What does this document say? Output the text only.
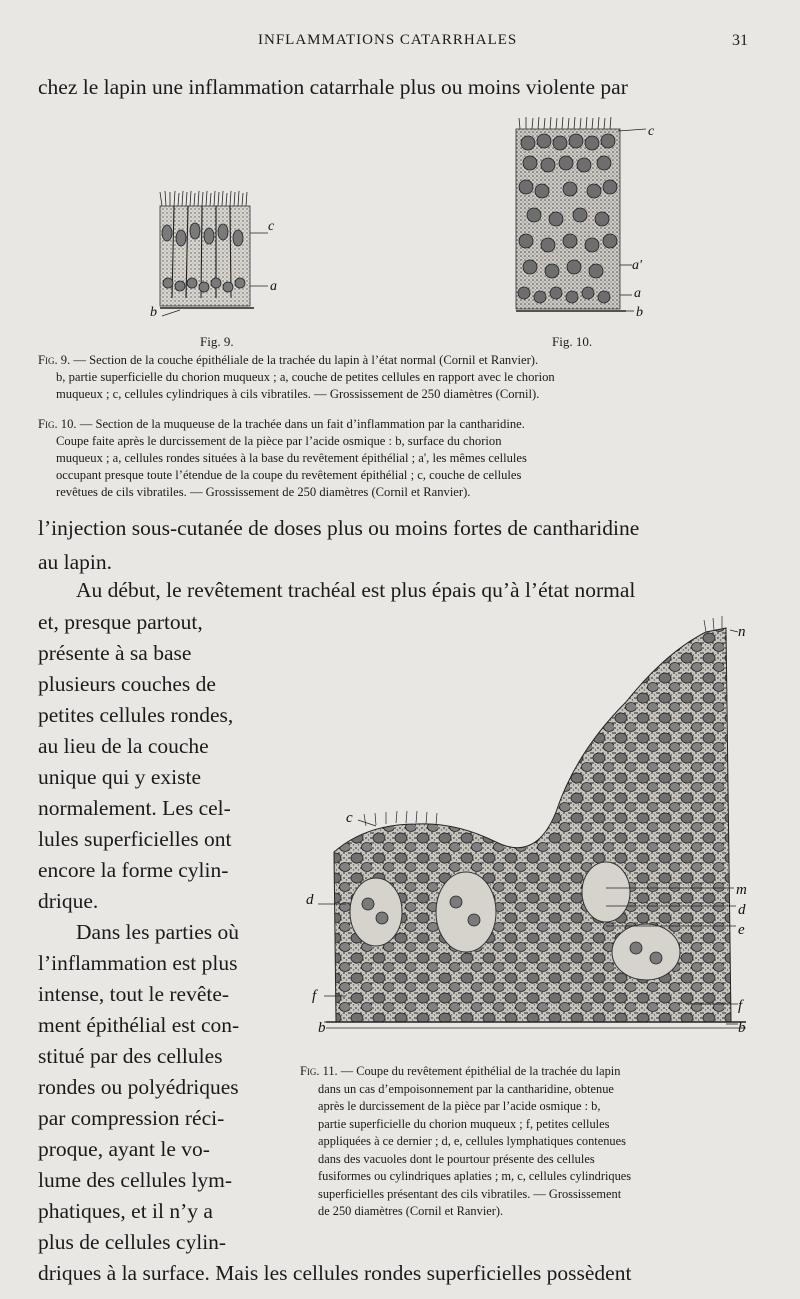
INFLAMMATIONS CATARRHALES	31
chez le lapin une inflammation catarrhale plus ou moins violente par
c
a
b
Fig. 9.
c
a'
a
b
Fig. 10.
Fig. 9. — Section de la couche épithéliale de la trachée du lapin à l’état normal (Cornil et Ranvier).
b, partie superficielle du chorion muqueux ; a, couche de petites cellules en rapport avec le chorion
muqueux ; c, cellules cylindriques à cils vibratiles. — Grossissement de 250 diamètres (Cornil).
Fig. 10. — Section de la muqueuse de la trachée dans un fait d’inflammation par la cantharidine.
Coupe faite après le durcissement de la pièce par l’acide osmique : b, surface du chorion
muqueux ; a, cellules rondes situées à la base du revêtement épithélial ; a', les mêmes cellules
occupant presque toute l’étendue de la coupe du revêtement épithélial ; c, couche de cellules
revêtues de cils vibratiles. — Grossissement de 250 diamètres (Cornil et Ranvier).
l’injection sous-cutanée de doses plus ou moins fortes de cantharidine
au lapin.
Au début, le revêtement trachéal est plus épais qu’à l’état normal
et, presque partout,
présente à sa base
plusieurs couches de
petites cellules rondes,
au lieu de la couche
unique qui y existe
normalement. Les cel-
lules superficielles ont
encore la forme cylin-
drique.
Dans les parties où
l’inflammation est plus
intense, tout le revête-
ment épithélial est con-
stitué par des cellules
rondes ou polyédriques
par compression réci-
proque, ayant le vo-
lume des cellules lym-
phatiques, et il n’y a
plus de cellules cylin-
driques à la surface. Mais les cellules rondes superficielles possèdent
n
c
d
m
d
e
f
f
b	b
Fig. 11. — Coupe du revêtement épithélial de la trachée du lapin
dans un cas d’empoisonnement par la cantharidine, obtenue
après le durcissement de la pièce par l’acide osmique : b,
partie superficielle du chorion muqueux ; f, petites cellules
appliquées à ce dernier ; d, e, cellules lymphatiques contenues
dans des vacuoles dont le pourtour présente des cellules
fusiformes ou cylindriques aplaties ; m, c, cellules cylindriques
superficielles présentant des cils vibratiles. — Grossissement
de 250 diamètres (Cornil et Ranvier).
